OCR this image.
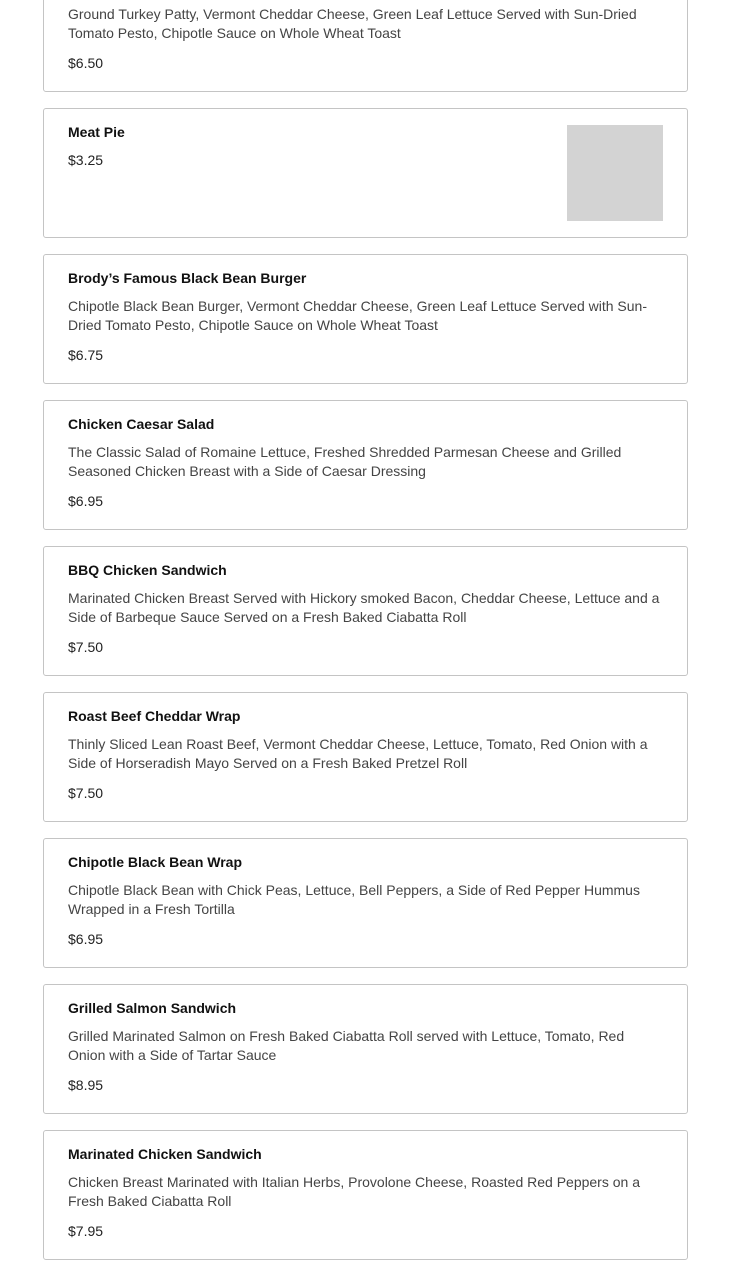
Ground Turkey Patty, Vermont Cheddar Cheese, Green Leaf Lettuce Served with Sun-Dried Tomato Pesto, Chipotle Sauce on Whole Wheat Toast
$6.50
Meat Pie
$3.25
Brody’s Famous Black Bean Burger
Chipotle Black Bean Burger, Vermont Cheddar Cheese, Green Leaf Lettuce Served with Sun-Dried Tomato Pesto, Chipotle Sauce on Whole Wheat Toast
$6.75
Chicken Caesar Salad
The Classic Salad of Romaine Lettuce, Freshed Shredded Parmesan Cheese and Grilled Seasoned Chicken Breast with a Side of Caesar Dressing
$6.95
BBQ Chicken Sandwich
Marinated Chicken Breast Served with Hickory smoked Bacon, Cheddar Cheese, Lettuce and a Side of Barbeque Sauce Served on a Fresh Baked Ciabatta Roll
$7.50
Roast Beef Cheddar Wrap
Thinly Sliced Lean Roast Beef, Vermont Cheddar Cheese, Lettuce, Tomato, Red Onion with a Side of Horseradish Mayo Served on a Fresh Baked Pretzel Roll
$7.50
Chipotle Black Bean Wrap
Chipotle Black Bean with Chick Peas, Lettuce, Bell Peppers, a Side of Red Pepper Hummus Wrapped in a Fresh Tortilla
$6.95
Grilled Salmon Sandwich
Grilled Marinated Salmon on Fresh Baked Ciabatta Roll served with Lettuce, Tomato, Red Onion with a Side of Tartar Sauce
$8.95
Marinated Chicken Sandwich
Chicken Breast Marinated with Italian Herbs, Provolone Cheese, Roasted Red Peppers on a Fresh Baked Ciabatta Roll
$7.95
